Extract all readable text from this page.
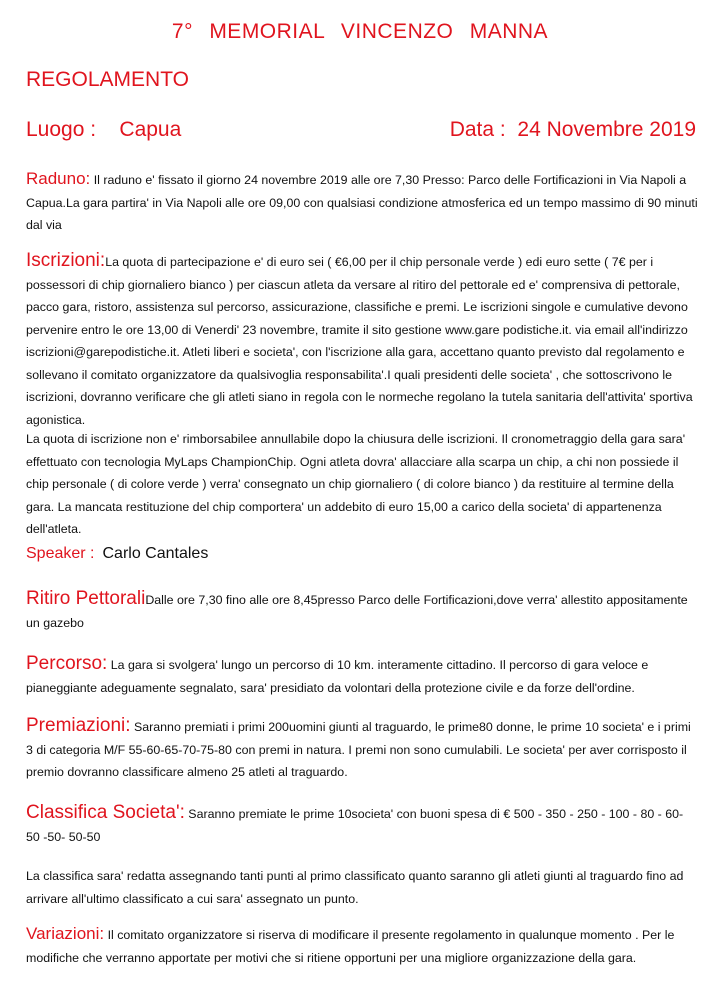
7° MEMORIAL VINCENZO MANNA
REGOLAMENTO
Luogo :    Capua	Data :  24 Novembre 2019
Raduno: Il raduno e' fissato il giorno 24 novembre 2019 alle ore 7,30 Presso: Parco delle Fortificazioni in Via Napoli a Capua.La gara partira' in Via Napoli alle ore 09,00 con qualsiasi condizione atmosferica ed un tempo massimo di 90 minuti dal via
Iscrizioni:La quota di partecipazione e' di euro sei ( €6,00 per il chip personale verde ) edi euro sette ( 7€ per i possessori di chip giornaliero bianco ) per ciascun atleta da versare al ritiro del pettorale ed e' comprensiva di pettorale, pacco gara, ristoro, assistenza sul percorso, assicurazione, classifiche e premi. Le iscrizioni singole e cumulative devono pervenire entro le ore 13,00 di Venerdi' 23 novembre, tramite il sito gestione www.gare podistiche.it. via email all'indirizzo iscrizioni@garepodistiche.it. Atleti liberi e societa', con l'iscrizione alla gara, accettano quanto previsto dal regolamento e sollevano il comitato organizzatore da qualsivoglia responsabilita'.I quali presidenti delle societa' , che sottoscrivono le iscrizioni, dovranno verificare che gli atleti siano in regola con le normeche regolano la tutela sanitaria dell'attivita' sportiva agonistica.
La quota di iscrizione non e' rimborsabilee annullabile dopo la chiusura delle iscrizioni. Il cronometraggio della gara sara' effettuato con tecnologia MyLaps ChampionChip. Ogni atleta dovra' allacciare alla scarpa un chip, a chi non possiede il chip personale ( di colore verde ) verra' consegnato un chip giornaliero ( di colore bianco ) da restituire al termine della gara. La mancata restituzione del chip comportera' un addebito di euro 15,00 a carico della societa' di appartenenza dell'atleta.
Speaker : Carlo Cantales
Ritiro PettoraliDalle ore 7,30 fino alle ore 8,45presso Parco delle Fortificazioni,dove verra' allestito appositamente un gazebo
Percorso: La gara si svolgera' lungo un percorso di 10 km. interamente cittadino. Il percorso di gara veloce e pianeggiante adeguamente segnalato, sara' presidiato da volontari della protezione civile e da forze dell'ordine.
Premiazioni: Saranno premiati i primi 200uomini giunti al traguardo, le prime80 donne, le prime 10 societa' e i primi 3 di categoria M/F 55-60-65-70-75-80 con premi in natura. I premi non sono cumulabili. Le societa' per aver corrisposto il premio dovranno classificare almeno 25 atleti al traguardo.
Classifica Societa': Saranno premiate le prime 10societa' con buoni spesa di € 500 - 350 - 250 - 100 - 80 - 60- 50 -50- 50-50
La classifica sara' redatta assegnando tanti punti al primo classificato quanto saranno gli atleti giunti al traguardo fino ad arrivare all'ultimo classificato a cui sara' assegnato un punto.
Variazioni: Il comitato organizzatore si riserva di modificare il presente regolamento in qualunque momento . Per le modifiche che verranno apportate per motivi che si ritiene opportuni per una migliore organizzazione della gara.
